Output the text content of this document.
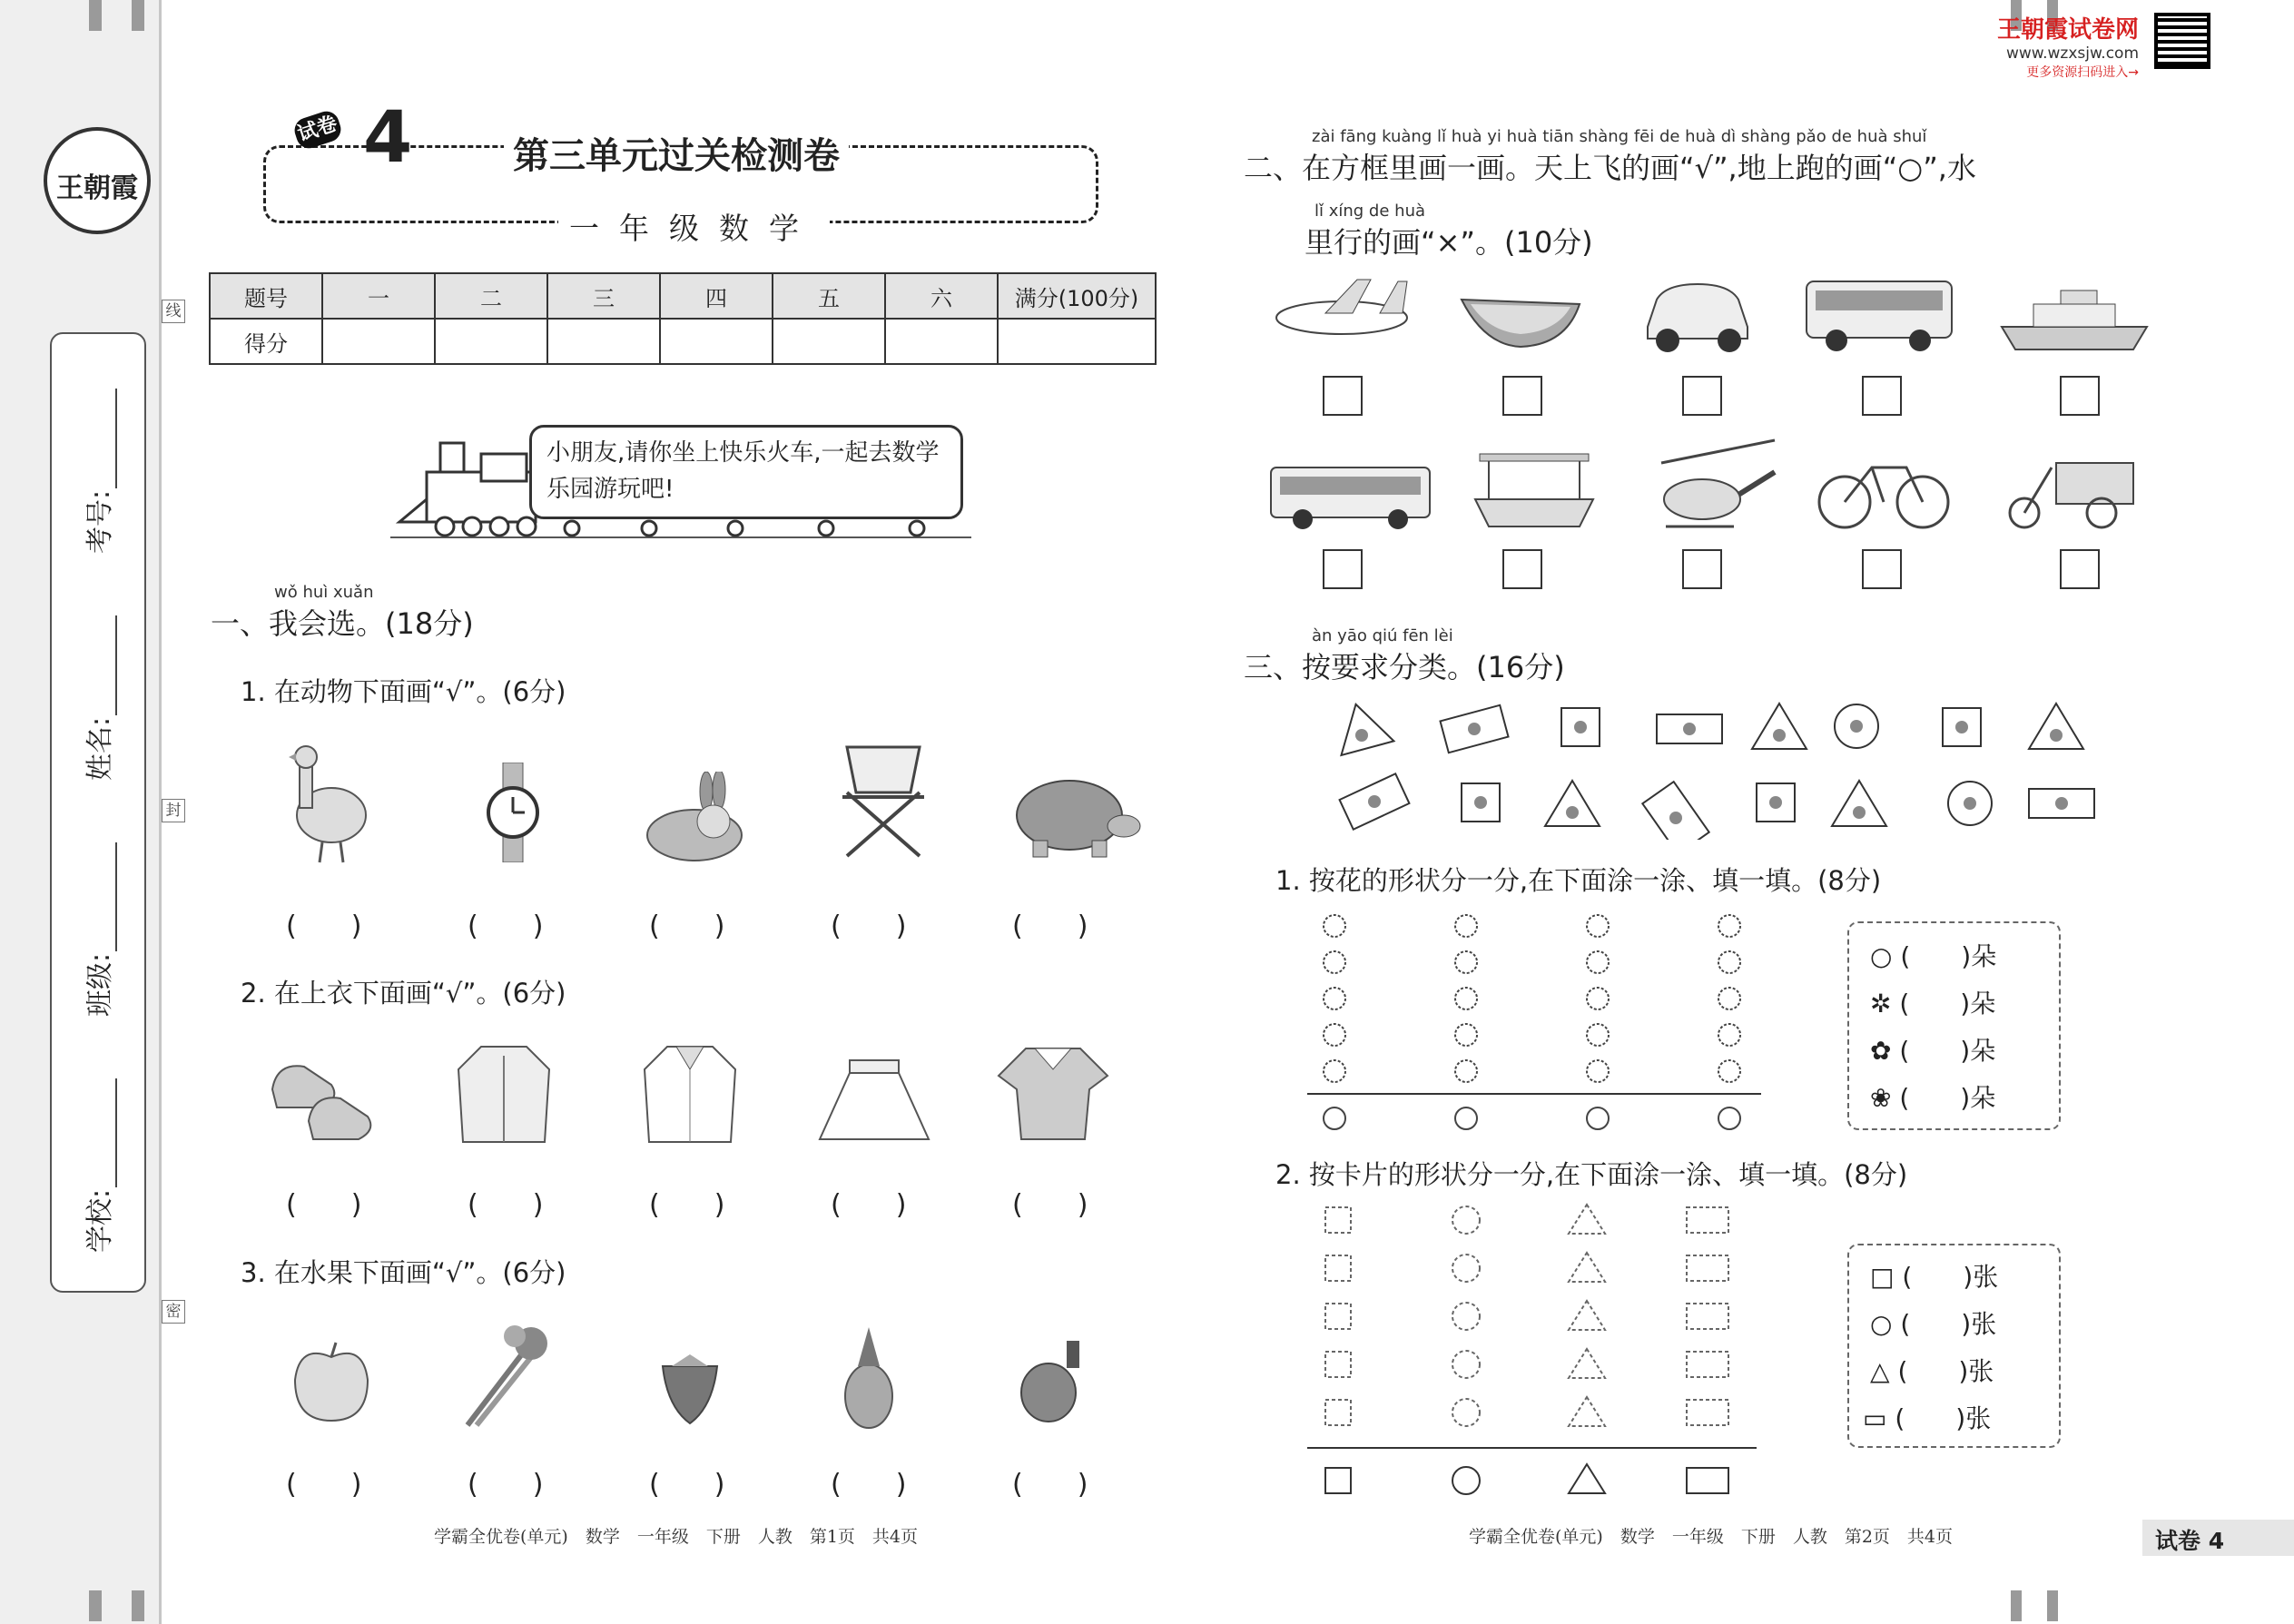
王朝霞
学校:
班级:
姓名:
考号:
线
封
密
试卷 4	第三单元过关检测卷
一年级数学
题号	一	二	三	四	五	六	满分(100分)
得分							
小朋友,请你坐上快乐火车,一起去数学乐园游玩吧!
wǒ huì xuǎn
一、我会选。(18分)
1. 在动物下面画“√”。(6分)
2. 在上衣下面画“√”。(6分)
3. 在水果下面画“√”。(6分)
(　　)	(　　)	(　　)	(　　)	(　　)
(　　)	(　　)	(　　)	(　　)	(　　)
(　　)	(　　)	(　　)	(　　)	(　　)
学霸全优卷(单元)　数学　一年级　下册　人教　第1页　共4页
王朝霞试卷网
www.wzxsjw.com
更多资源扫码进入→
zài fāng kuàng lǐ huà yi huà tiān shàng fēi de huà dì shàng pǎo de huà shuǐ
二、在方框里画一画。天上飞的画“√”,地上跑的画“○”,水
lǐ xíng de huà
里行的画“×”。(10分)
àn yāo qiú fēn lèi
三、按要求分类。(16分)
1. 按花的形状分一分,在下面涂一涂、填一填。(8分)
○ (　　)朵
✲ (　　)朵
✿ (　　)朵
❀ (　　)朵
2. 按卡片的形状分一分,在下面涂一涂、填一填。(8分)
□ (　　)张
○ (　　)张
△ (　　)张
▭ (　　)张
学霸全优卷(单元)　数学　一年级　下册　人教　第2页　共4页	试卷 4
